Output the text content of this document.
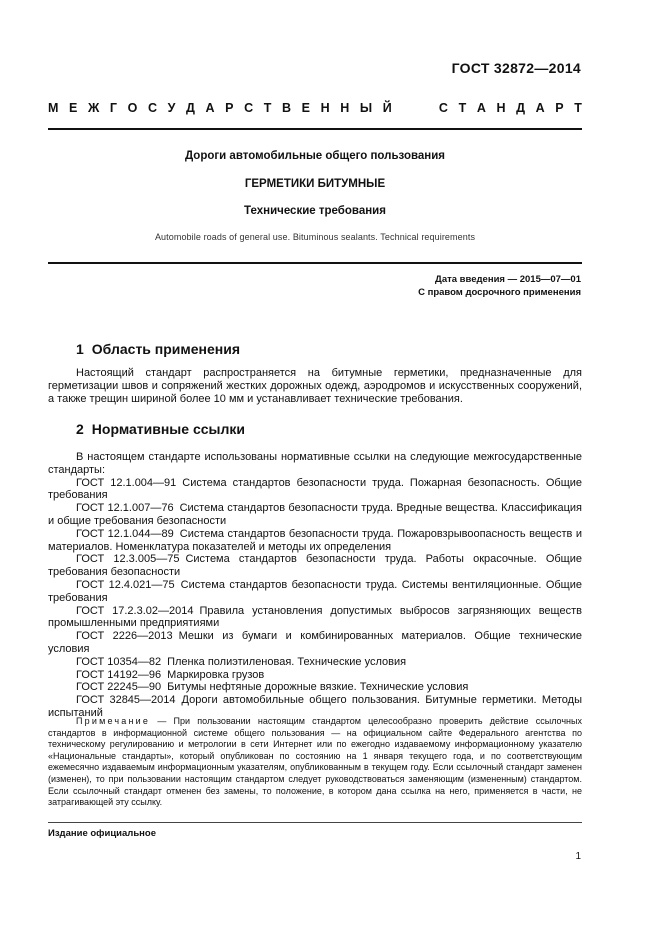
ГОСТ 32872—2014
М Е Ж Г О С У Д А Р С Т В Е Н Н Ы Й	С Т А Н Д А Р Т
Дороги автомобильные общего пользования
ГЕРМЕТИКИ БИТУМНЫЕ
Технические требования
Automobile roads of general use. Bituminous sealants. Technical requirements
Дата введения — 2015—07—01
С правом досрочного применения
1 Область применения

Настоящий стандарт распространяется на битумные герметики, предназначенные для герметизации швов и сопряжений жестких дорожных одежд, аэродромов и искусственных сооружений, а также трещин шириной более 10 мм и устанавливает технические требования.

2 Нормативные ссылки

В настоящем стандарте использованы нормативные ссылки на следующие межгосударственные стандарты:

ГОСТ 12.1.004—91 Система стандартов безопасности труда. Пожарная безопасность. Общие требования
ГОСТ 12.1.007—76 Система стандартов безопасности труда. Вредные вещества. Классификация и общие требования безопасности
ГОСТ 12.1.044—89 Система стандартов безопасности труда. Пожаровзрывоопасность веществ и материалов. Номенклатура показателей и методы их определения
ГОСТ 12.3.005—75 Система стандартов безопасности труда. Работы окрасочные. Общие требования безопасности
ГОСТ 12.4.021—75 Система стандартов безопасности труда. Системы вентиляционные. Общие требования
ГОСТ 17.2.3.02—2014 Правила установления допустимых выбросов загрязняющих веществ промышленными предприятиями
ГОСТ 2226—2013 Мешки из бумаги и комбинированных материалов. Общие технические условия
ГОСТ 10354—82 Пленка полиэтиленовая. Технические условия
ГОСТ 14192—96 Маркировка грузов
ГОСТ 22245—90 Битумы нефтяные дорожные вязкие. Технические условия
ГОСТ 32845—2014 Дороги автомобильные общего пользования. Битумные герметики. Методы испытаний
Примечание — При пользовании настоящим стандартом целесообразно проверить действие ссылочных стандартов в информационной системе общего пользования — на официальном сайте Федерального агентства по техническому регулированию и метрологии в сети Интернет или по ежегодно издаваемому информационному указателю «Национальные стандарты», который опубликован по состоянию на 1 января текущего года, и по соответствующим ежемесячно издаваемым информационным указателям, опубликованным в текущем году. Если ссылочный стандарт заменен (изменен), то при пользовании настоящим стандартом следует руководствоваться заменяющим (измененным) стандартом. Если ссылочный стандарт отменен без замены, то положение, в котором дана ссылка на него, применяется в части, не затрагивающей эту ссылку.
Издание официальное
1
